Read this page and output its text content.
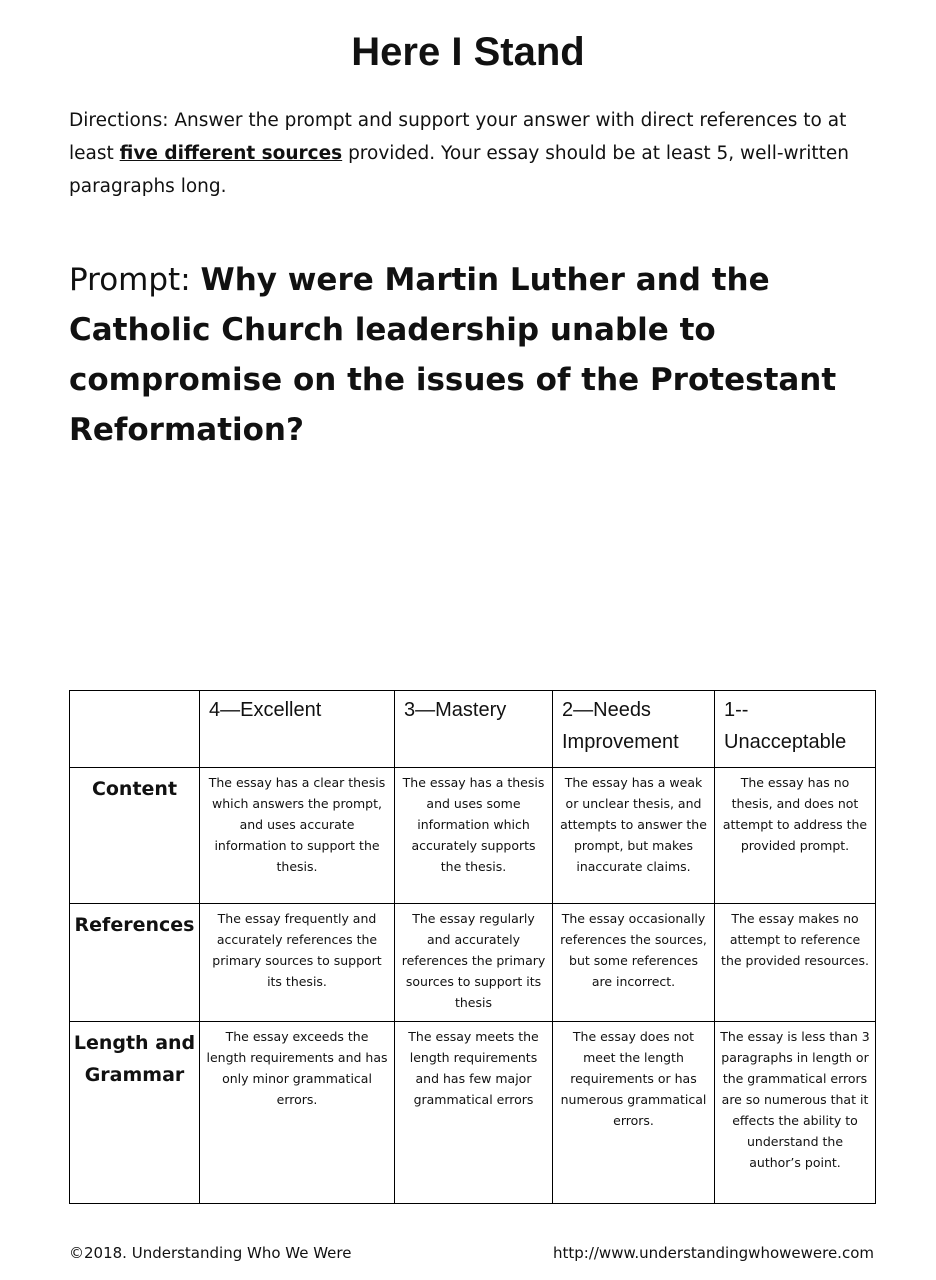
Here I Stand
Directions: Answer the prompt and support your answer with direct references to at least five different sources provided. Your essay should be at least 5, well-written paragraphs long.
Prompt: Why were Martin Luther and the Catholic Church leadership unable to compromise on the issues of the Protestant Reformation?
	4—Excellent	3—Mastery	2—Needs Improvement	1-- Unacceptable
Content	The essay has a clear thesis which answers the prompt, and uses accurate information to support the thesis.	The essay has a thesis and uses some information which accurately supports the thesis.	The essay has a weak or unclear thesis, and attempts to answer the prompt, but makes inaccurate claims.	The essay has no thesis, and does not attempt to address the provided prompt.
References	The essay frequently and accurately references the primary sources to support its thesis.	The essay regularly and accurately references the primary sources to support its thesis	The essay occasionally references the sources, but some references are incorrect.	The essay makes no attempt to reference the provided resources.
Length and Grammar	The essay exceeds the length requirements and has only minor grammatical errors.	The essay meets the length requirements and has few major grammatical errors	The essay does not meet the length requirements or has numerous grammatical errors.	The essay is less than 3 paragraphs in length or the grammatical errors are so numerous that it effects the ability to understand the author’s point.
©2018. Understanding Who We Were	http://www.understandingwhowewere.com
